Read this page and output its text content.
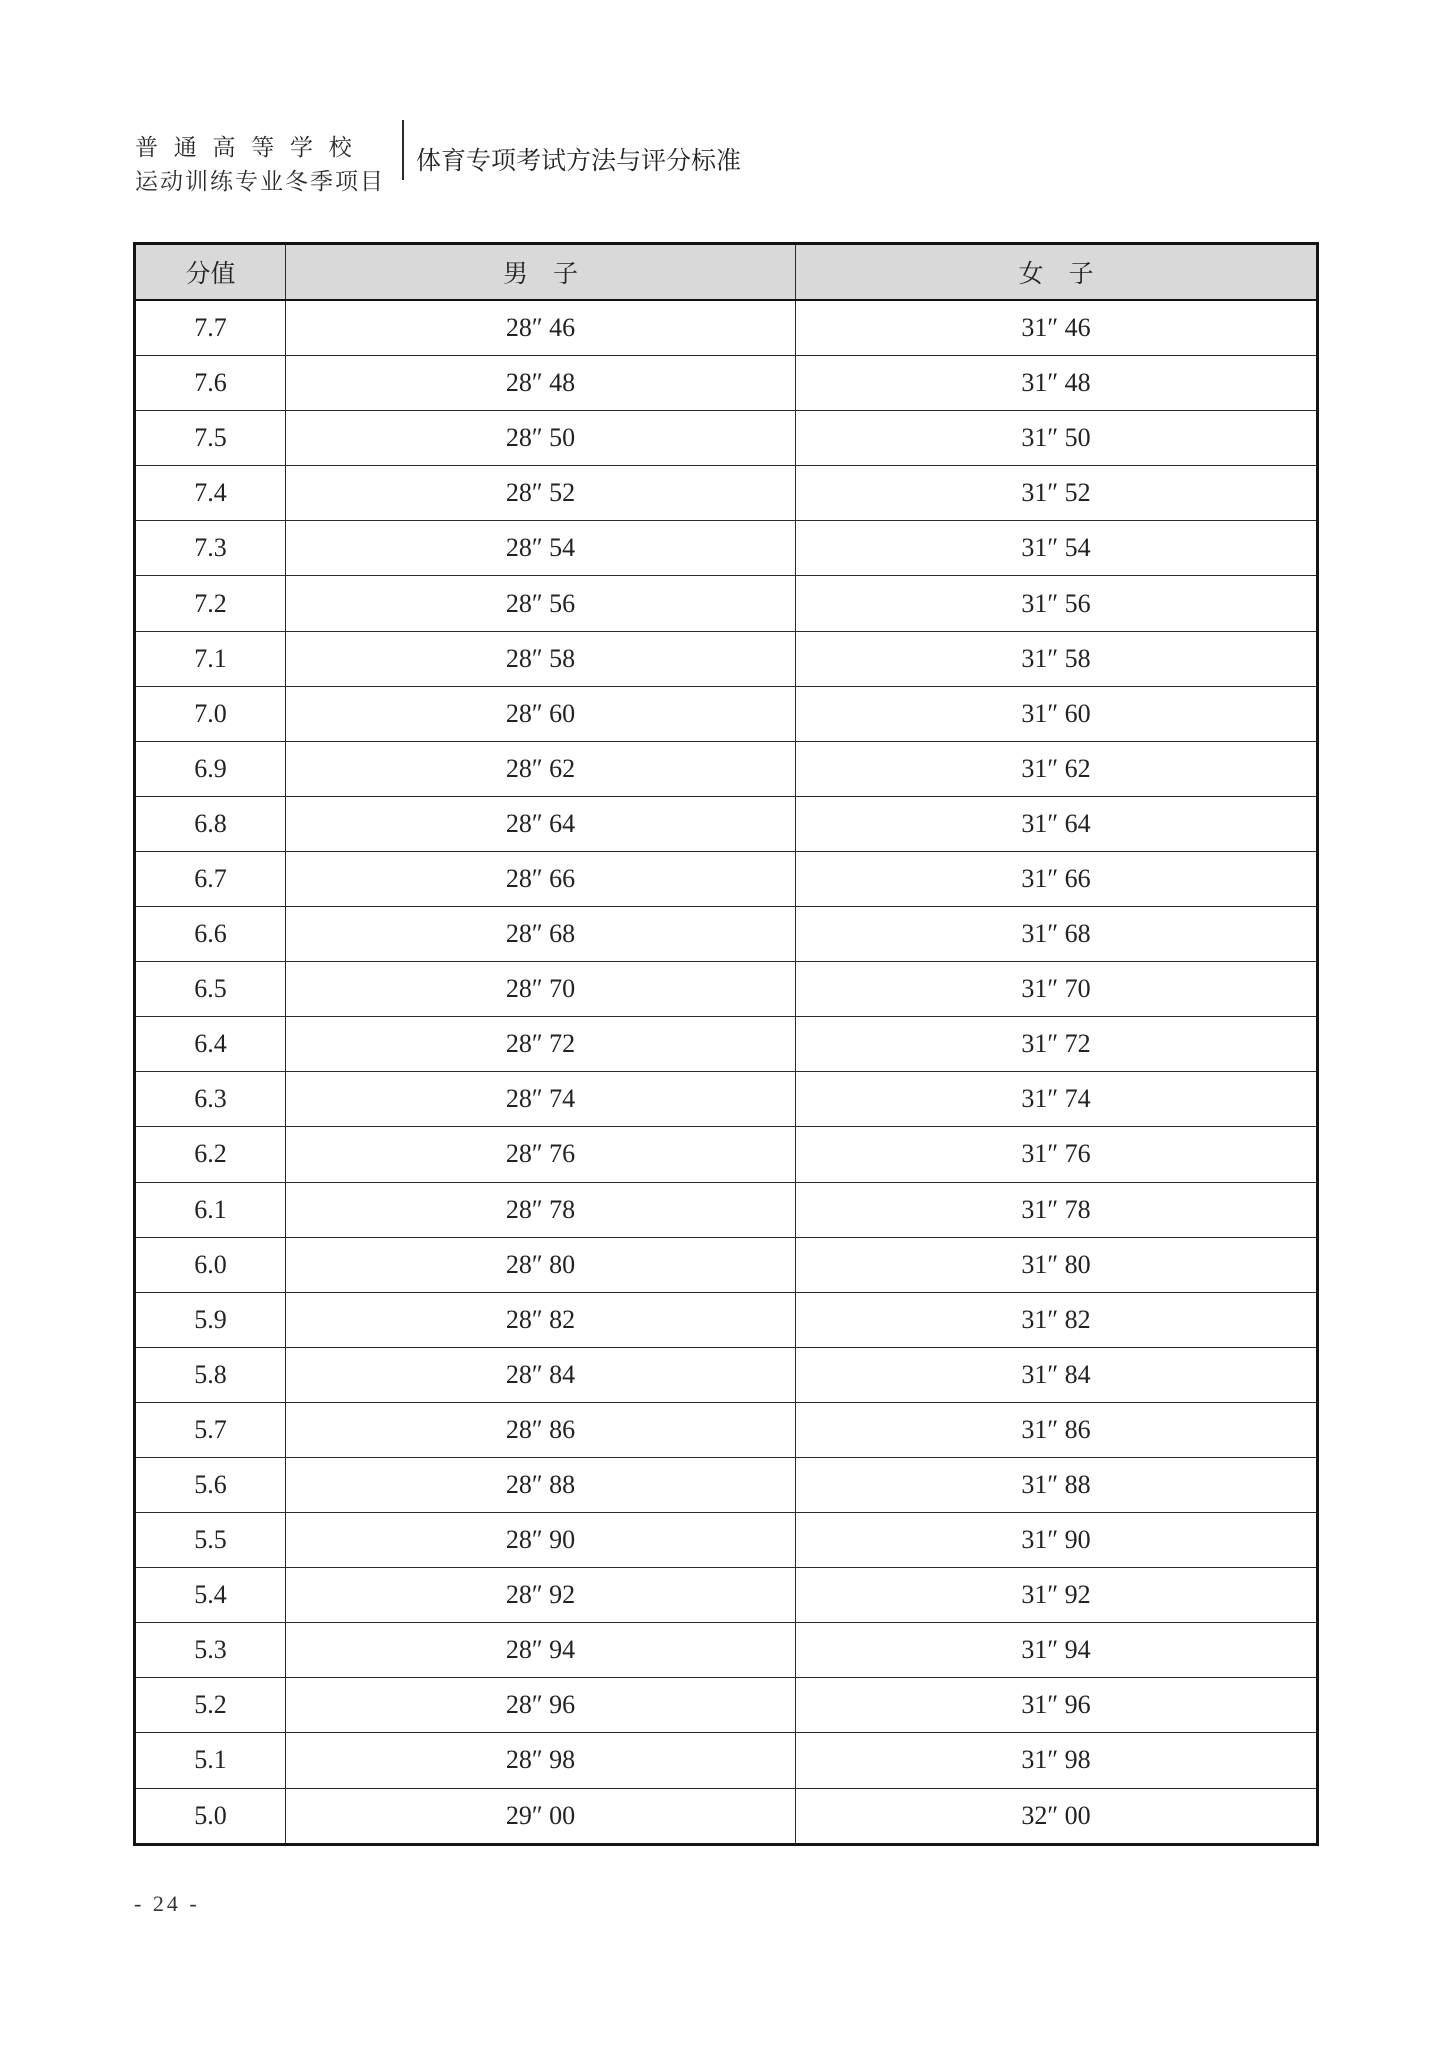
普 通 高 等 学 校
运动训练专业冬季项目
体育专项考试方法与评分标准
分值	男　子	女　子
7.7	28″ 46	31″ 46
7.6	28″ 48	31″ 48
7.5	28″ 50	31″ 50
7.4	28″ 52	31″ 52
7.3	28″ 54	31″ 54
7.2	28″ 56	31″ 56
7.1	28″ 58	31″ 58
7.0	28″ 60	31″ 60
6.9	28″ 62	31″ 62
6.8	28″ 64	31″ 64
6.7	28″ 66	31″ 66
6.6	28″ 68	31″ 68
6.5	28″ 70	31″ 70
6.4	28″ 72	31″ 72
6.3	28″ 74	31″ 74
6.2	28″ 76	31″ 76
6.1	28″ 78	31″ 78
6.0	28″ 80	31″ 80
5.9	28″ 82	31″ 82
5.8	28″ 84	31″ 84
5.7	28″ 86	31″ 86
5.6	28″ 88	31″ 88
5.5	28″ 90	31″ 90
5.4	28″ 92	31″ 92
5.3	28″ 94	31″ 94
5.2	28″ 96	31″ 96
5.1	28″ 98	31″ 98
5.0	29″ 00	32″ 00
- 24 -
